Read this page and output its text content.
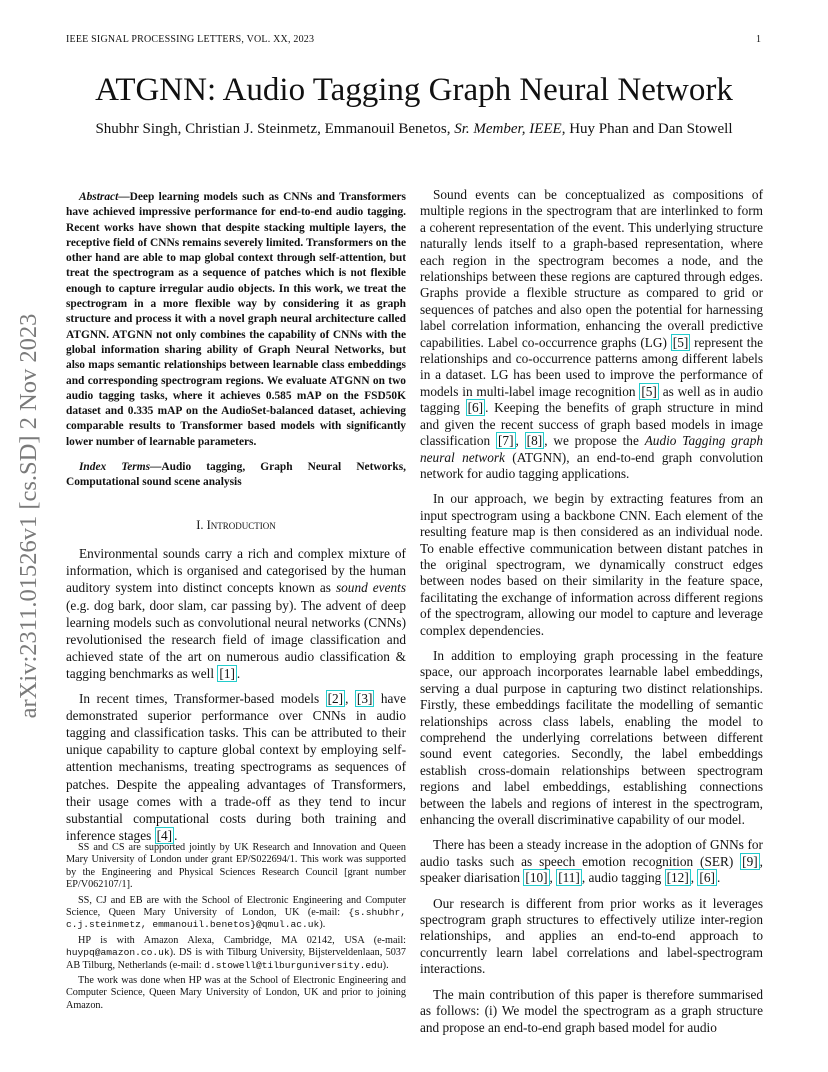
IEEE SIGNAL PROCESSING LETTERS, VOL. XX, 2023	1
ATGNN: Audio Tagging Graph Neural Network
Shubhr Singh, Christian J. Steinmetz, Emmanouil Benetos, Sr. Member, IEEE, Huy Phan and Dan Stowell
arXiv:2311.01526v1 [cs.SD] 2 Nov 2023

Abstract—Deep learning models such as CNNs and Transformers have achieved impressive performance for end-to-end audio tagging. Recent works have shown that despite stacking multiple layers, the receptive field of CNNs remains severely limited. Transformers on the other hand are able to map global context through self-attention, but treat the spectrogram as a sequence of patches which is not flexible enough to capture irregular audio objects. In this work, we treat the spectrogram in a more flexible way by considering it as graph structure and process it with a novel graph neural architecture called ATGNN. ATGNN not only combines the capability of CNNs with the global information sharing ability of Graph Neural Networks, but also maps semantic relationships between learnable class embeddings and corresponding spectrogram regions. We evaluate ATGNN on two audio tagging tasks, where it achieves 0.585 mAP on the FSD50K dataset and 0.335 mAP on the AudioSet-balanced dataset, achieving comparable results to Transformer based models with significantly lower number of learnable parameters.

Index Terms—Audio tagging, Graph Neural Networks, Computational sound scene analysis

I. Introduction

Environmental sounds carry a rich and complex mixture of information, which is organised and categorised by the human auditory system into distinct concepts known as sound events (e.g. dog bark, door slam, car passing by). The advent of deep learning models such as convolutional neural networks (CNNs) revolutionised the research field of image classification and achieved state of the art on numerous audio classification & tagging benchmarks as well [1] .

In recent times, Transformer-based models [2] , [3] have demonstrated superior performance over CNNs in audio tagging and classification tasks. This can be attributed to their unique capability to capture global context by employing self-attention mechanisms, treating spectrograms as sequences of patches. Despite the appealing advantages of Transformers, their usage comes with a trade-off as they tend to incur substantial computational costs during both training and inference stages [4] .

SS and CS are supported jointly by UK Research and Innovation and Queen Mary University of London under grant EP/S022694/1. This work was supported by the Engineering and Physical Sciences Research Council [grant number EP/V062107/1].

SS, CJ and EB are with the School of Electronic Engineering and Computer Science, Queen Mary University of London, UK (e-mail: {s.shubhr, c.j.steinmetz, emmanouil.benetos}@qmul.ac.uk).

HP is with Amazon Alexa, Cambridge, MA 02142, USA (e-mail: huypq@amazon.co.uk). DS is with Tilburg University, Bijsterveldenlaan, 5037 AB Tilburg, Netherlands (e-mail: d.stowell@tilburguniversity.edu).

The work was done when HP was at the School of Electronic Engineering and Computer Science, Queen Mary University of London, UK and prior to joining Amazon.

Sound events can be conceptualized as compositions of multiple regions in the spectrogram that are interlinked to form a coherent representation of the event. This underlying structure naturally lends itself to a graph-based representation, where each region in the spectrogram becomes a node, and the relationships between these regions are captured through edges. Graphs provide a flexible structure as compared to grid or sequences of patches and also open the potential for harnessing label correlation information, enhancing the overall predictive capabilities. Label co-occurrence graphs (LG) [5] represent the relationships and co-occurrence patterns among different labels in a dataset. LG has been used to improve the performance of models in multi-label image recognition [5] as well as in audio tagging [6] . Keeping the benefits of graph structure in mind and given the recent success of graph based models in image classification [7] , [8] , we propose the Audio Tagging graph neural network (ATGNN), an end-to-end graph convolution network for audio tagging applications.

In our approach, we begin by extracting features from an input spectrogram using a backbone CNN. Each element of the resulting feature map is then considered as an individual node. To enable effective communication between distant patches in the original spectrogram, we dynamically construct edges between nodes based on their similarity in the feature space, facilitating the exchange of information across different regions of the spectrogram, allowing our model to capture and leverage complex dependencies.

In addition to employing graph processing in the feature space, our approach incorporates learnable label embeddings, serving a dual purpose in capturing two distinct relationships. Firstly, these embeddings facilitate the modelling of semantic relationships across class labels, enabling the model to comprehend the underlying correlations between different sound event categories. Secondly, the label embeddings establish cross-domain relationships between spectrogram regions and label embeddings, establishing connections between the labels and regions of interest in the spectrogram, enhancing the overall discriminative capability of our model.

There has been a steady increase in the adoption of GNNs for audio tasks such as speech emotion recognition (SER) [9] , speaker diarisation [10] , [11] , audio tagging [12] , [6] .

Our research is different from prior works as it leverages spectrogram graph structures to effectively utilize inter-region relationships, and applies an end-to-end approach to concurrently learn label correlations and label-spectrogram interactions.

The main contribution of this paper is therefore summarised as follows: (i) We model the spectrogram as a graph structure and propose an end-to-end graph based model for audio
